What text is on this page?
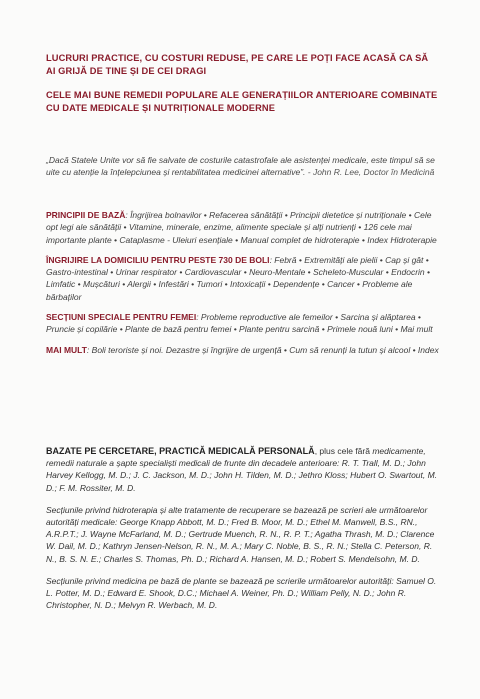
LUCRURI PRACTICE, CU COSTURI REDUSE, PE CARE LE POȚI FACE ACASĂ CA SĂ AI GRIJĂ DE TINE ȘI DE CEI DRAGI
CELE MAI BUNE REMEDII POPULARE ALE GENERAȚIILOR ANTERIOARE COMBINATE CU DATE MEDICALE ȘI NUTRIȚIONALE MODERNE
„Dacă Statele Unite vor să fie salvate de costurile catastrofale ale asistenței medicale, este timpul să se uite cu atenție la înțelepciunea și rentabilitatea medicinei alternative”. - John R. Lee, Doctor în Medicină
PRINCIPII DE BAZĂ: Îngrijirea bolnavilor • Refacerea sănătății • Principii dietetice și nutriționale • Cele opt legi ale sănătății • Vitamine, minerale, enzime, alimente speciale și alți nutrienți • 126 cele mai importante plante • Cataplasme - Uleiuri esențiale • Manual complet de hidroterapie • Index Hidroterapie
ÎNGRIJIRE LA DOMICILIU PENTRU PESTE 730 DE BOLI: Febră • Extremități ale pielii • Cap și gât • Gastro-intestinal • Urinar respirator • Cardiovascular • Neuro-Mentale • Scheleto-Muscular • Endocrin • Limfatic • Mușcături • Alergii • Infestări • Tumori • Intoxicații • Dependențe • Cancer • Probleme ale bărbaților
SECȚIUNI SPECIALE PENTRU FEMEI: Probleme reproductive ale femeilor • Sarcina și alăptarea • Pruncie și copilărie • Plante de bază pentru femei • Plante pentru sarcină • Primele nouă luni • Mai mult
MAI MULT: Boli teroriste și noi. Dezastre și îngrijire de urgență • Cum să renunți la tutun și alcool • Index
BAZATE PE CERCETARE, PRACTICĂ MEDICALĂ PERSONALĂ, plus cele fără medicamente, remedii naturale a șapte specialiști medicali de frunte din decadele anterioare: R. T. Trall, M. D.; John Harvey Kellogg, M. D.; J. C. Jackson, M. D.; John H. Tilden, M. D.; Jethro Kloss; Hubert O. Swartout, M. D.; F. M. Rossiter, M. D.
Secțiunile privind hidroterapia și alte tratamente de recuperare se bazează pe scrieri ale următoarelor autorități medicale: George Knapp Abbott, M. D.; Fred B. Moor, M. D.; Ethel M. Manwell, B.S., RN., A.R.P.T.; J. Wayne McFarland, M. D.; Gertrude Muench, R. N., R. P. T.; Agatha Thrash, M. D.; Clarence W. Dail, M. D.; Kathryn Jensen-Nelson, R. N., M. A.; Mary C. Noble, B. S., R. N.; Stella C. Peterson, R. N., B. S. N. E.; Charles S. Thomas, Ph. D.; Richard A. Hansen, M. D.; Robert S. Mendelsohn, M. D.
Secțiunile privind medicina pe bază de plante se bazează pe scrierile următoarelor autorități: Samuel O. L. Potter, M. D.; Edward E. Shook, D.C.; Michael A. Weiner, Ph. D.; William Pelly, N. D.; John R. Christopher, N. D.; Melvyn R. Werbach, M. D.
